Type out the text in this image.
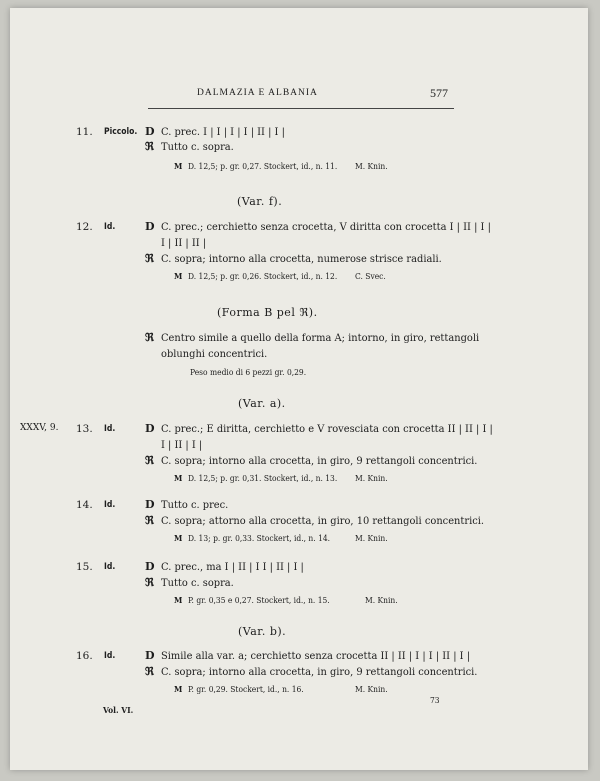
DALMAZIA E ALBANIA	577
11. Piccolo. D C. prec. I | I | I | I | II | I |
ℜ Tutto c. sopra.
M D. 12,5; p. gr. 0,27. Stockert, id., n. 11. M. Knin.
(Var. f).
12. Id.	D C. prec.; cerchietto senza crocetta, V diritta con crocetta I | II | I |
I | II | II |
ℜ C. sopra; intorno alla crocetta, numerose strisce radiali.
M D. 12,5; p. gr. 0,26. Stockert, id., n. 12. C. Svec.
(Forma B pel ℜ).
ℜ Centro simile a quello della forma A; intorno, in giro, rettangoli
oblunghi concentrici.
Peso medio di 6 pezzi gr. 0,29.
(Var. a).
XXXV, 9. 13. Id.	D C. prec.; E diritta, cerchietto e V rovesciata con crocetta II | II | I |
I | II | I |
ℜ C. sopra; intorno alla crocetta, in giro, 9 rettangoli concentrici.
M D. 12,5; p. gr. 0,31. Stockert, id., n. 13. M. Knin.
14. Id.	D Tutto c. prec.
ℜ C. sopra; attorno alla crocetta, in giro, 10 rettangoli concentrici.
M D. 13; p. gr. 0,33. Stockert, id., n. 14.	M. Knin.
15. Id.	D C. prec., ma I | II | I I | II | I |
ℜ Tutto c. sopra.
M P. gr. 0,35 e 0,27. Stockert, id., n. 15.	M. Knin.
(Var. b).
16. Id.	D Simile alla var. a; cerchietto senza crocetta II | II | I | I | II | I |
ℜ C. sopra; intorno alla crocetta, in giro, 9 rettangoli concentrici.
M P. gr. 0,29. Stockert, id., n. 16.	M. Knin.
Vol. VI.
73
